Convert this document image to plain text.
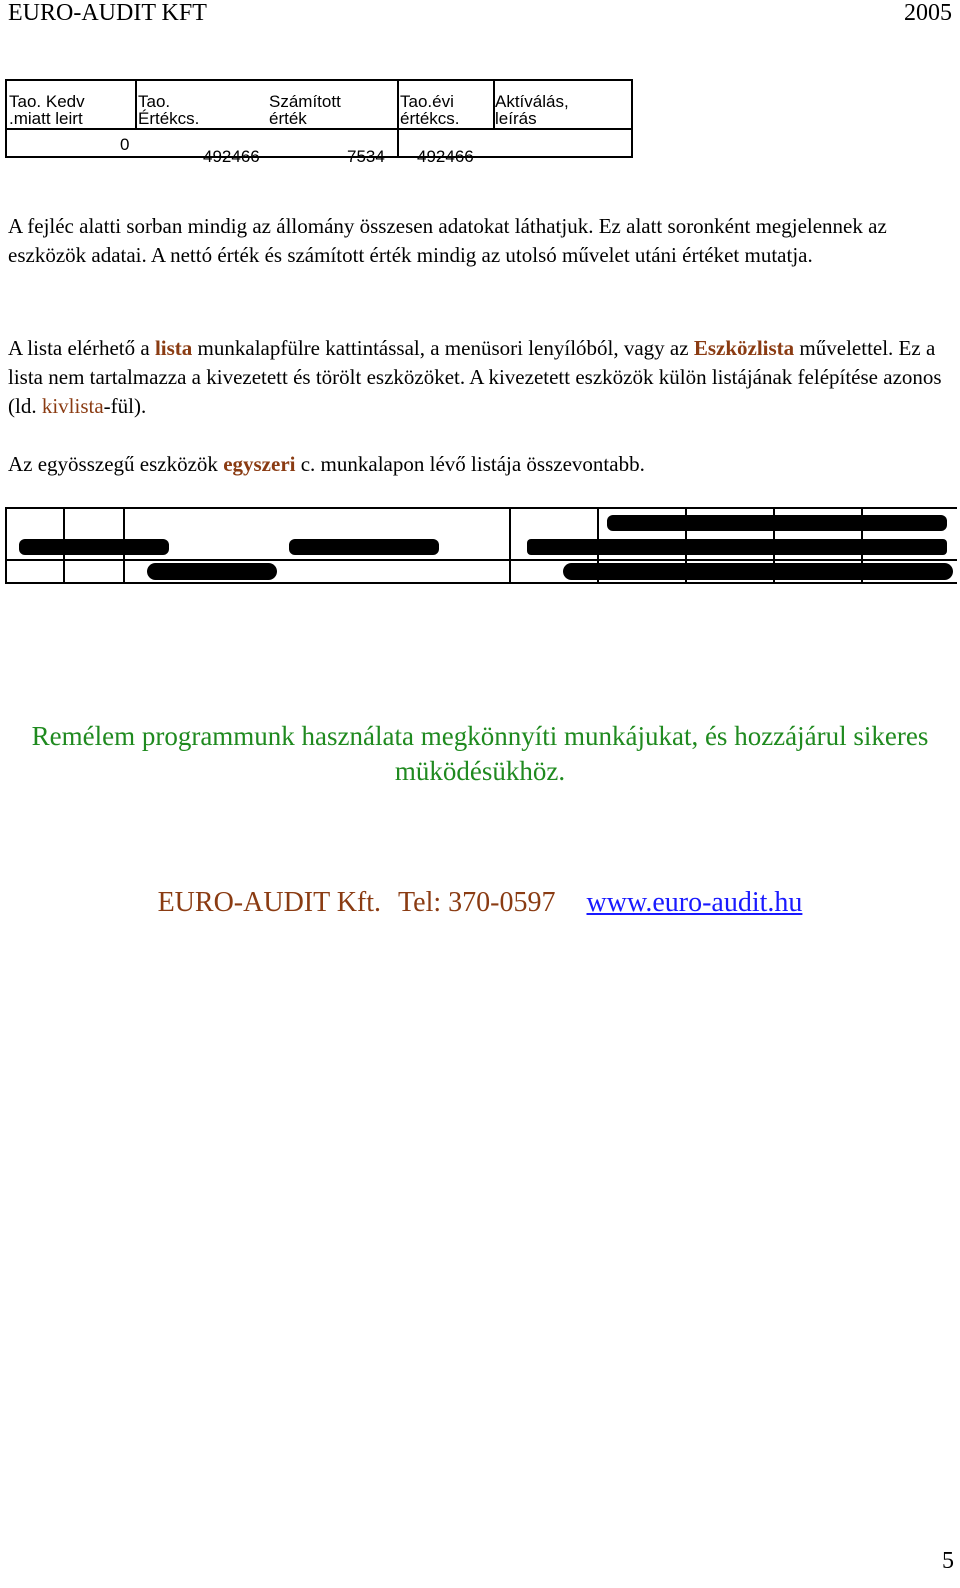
EURO-AUDIT KFT	2005
Tao. Kedv
.miatt leirt
Tao.
Értékcs.
Számított
érték
Tao.évi
értékcs.
Aktíválás,
leírás
0
492466	7534 492466
A fejléc alatti sorban mindig az állomány összesen adatokat láthatjuk. Ez alatt soronként megjelennek az eszközök adatai. A nettó érték és számított érték mindig az utolsó művelet utáni értéket mutatja.
A lista elérhető a lista munkalapfülre kattintással, a menüsori lenyílóból, vagy az Eszközlista művelettel. Ez a lista nem tartalmazza a kivezetett és törölt eszközöket. A kivezetett eszközök külön listájának felépítése azonos (ld. kivlista-fül).
Az egyösszegű eszközök egyszeri c. munkalapon lévő listája összevontabb.
Remélem programmunk használata megkönnyíti munkájukat, és hozzájárul sikeres müködésükhöz.
EURO-AUDIT Kft. Tel: 370-0597 www.euro-audit.hu
5
